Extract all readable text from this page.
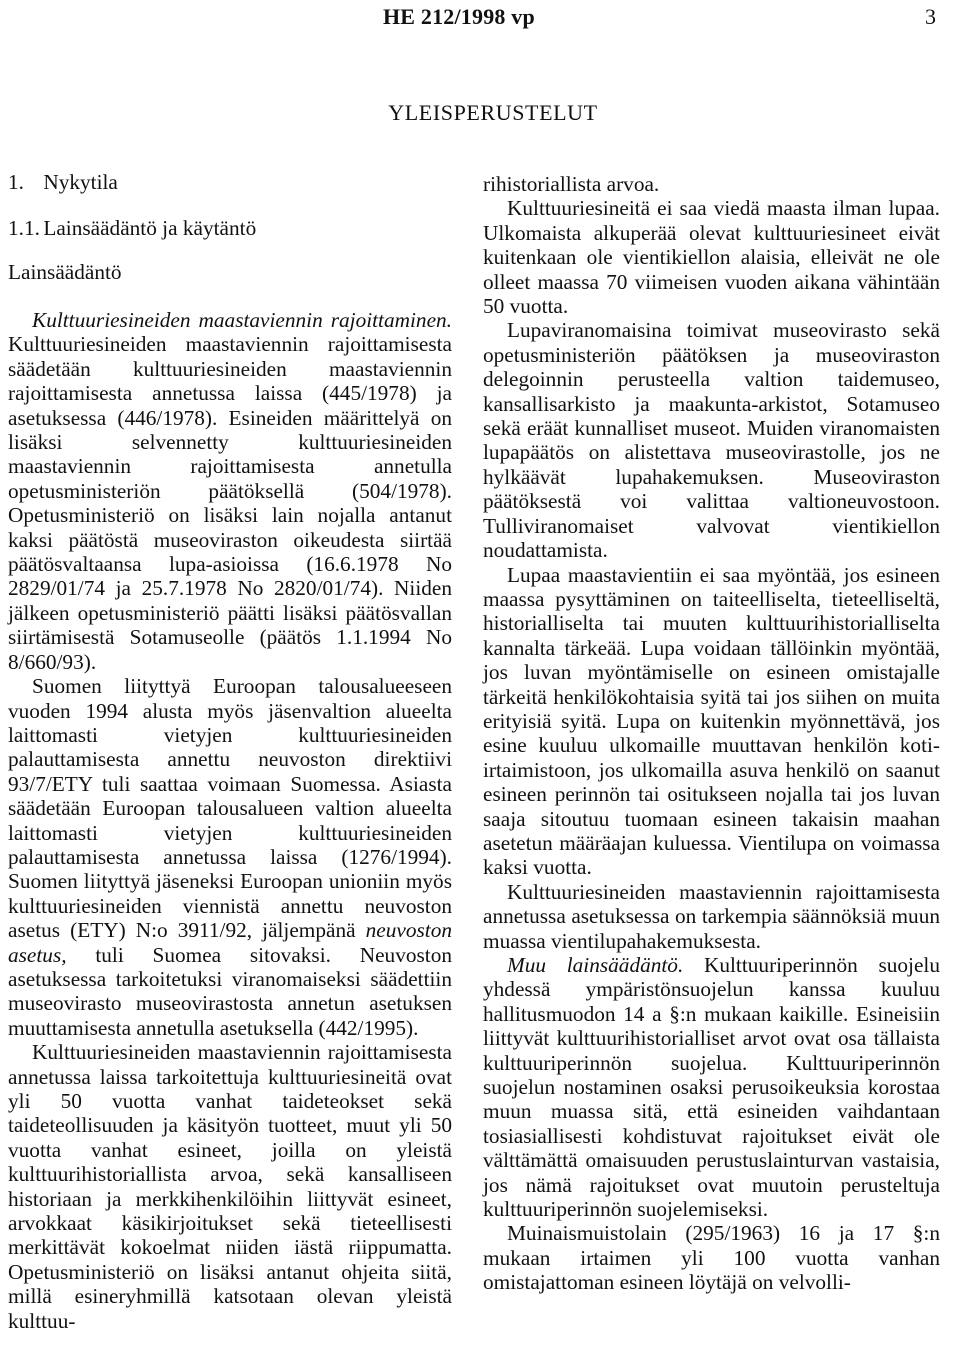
HE 212/1998 vp	3
YLEISPERUSTELUT
1. Nykytila
1.1. Lainsäädäntö ja käytäntö
Lainsäädäntö

Kulttuuriesineiden maastaviennin rajoittaminen. Kulttuuriesineiden maastaviennin rajoittamisesta säädetään kulttuuriesineiden maastaviennin rajoittamisesta annetussa laissa (445/1978) ja asetuksessa (446/1978). Esineiden määrittelyä on lisäksi selvennetty kulttuuriesineiden maastaviennin rajoittamisesta annetulla opetusministeriön päätöksellä (504/1978). Opetusministeriö on lisäksi lain nojalla antanut kaksi päätöstä museoviraston oikeudesta siirtää päätösvaltaansa lupa-asioissa (16.6.1978 No 2829/01/74 ja 25.7.1978 No 2820/01/74). Niiden jälkeen opetusministeriö päätti lisäksi päätösvallan siirtämisestä Sotamuseolle (päätös 1.1.1994 No 8/660/93).

Suomen liityttyä Euroopan talousalueeseen vuoden 1994 alusta myös jäsenvaltion alueelta laittomasti vietyjen kulttuuriesineiden palauttamisesta annettu neuvoston direktiivi 93/7/ETY tuli saattaa voimaan Suomessa. Asiasta säädetään Euroopan talousalueen valtion alueelta laittomasti vietyjen kulttuuriesineiden palauttamisesta annetussa laissa (1276/1994). Suomen liityttyä jäseneksi Euroopan unioniin myös kulttuuriesineiden viennistä annettu neuvoston asetus (ETY) N:o 3911/92, jäljempänä neuvoston asetus, tuli Suomea sitovaksi. Neuvoston asetuksessa tarkoitetuksi viranomaiseksi säädettiin museovirasto museovirastosta annetun asetuksen muuttamisesta annetulla asetuksella (442/1995).

Kulttuuriesineiden maastaviennin rajoittamisesta annetussa laissa tarkoitettuja kulttuuriesineitä ovat yli 50 vuotta vanhat taideteokset sekä taideteollisuuden ja käsityön tuotteet, muut yli 50 vuotta vanhat esineet, joilla on yleistä kulttuurihistoriallista arvoa, sekä kansalliseen historiaan ja merkkihenkilöihin liittyvät esineet, arvokkaat käsikirjoitukset sekä tieteellisesti merkittävät kokoelmat niiden iästä riippumatta. Opetusministeriö on lisäksi antanut ohjeita siitä, millä esineryhmillä katsotaan olevan yleistä kulttuu-

rihistoriallista arvoa.

Kulttuuriesineitä ei saa viedä maasta ilman lupaa. Ulkomaista alkuperää olevat kulttuuriesineet eivät kuitenkaan ole vientikiellon alaisia, elleivät ne ole olleet maassa 70 viimeisen vuoden aikana vähintään 50 vuotta.

Lupaviranomaisina toimivat museovirasto sekä opetusministeriön päätöksen ja museoviraston delegoinnin perusteella valtion taidemuseo, kansallisarkisto ja maakunta-arkistot, Sotamuseo sekä eräät kunnalliset museot. Muiden viranomaisten lupapäätös on alistettava museovirastolle, jos ne hylkäävät lupahakemuksen. Museoviraston päätöksestä voi valittaa valtioneuvostoon. Tulliviranomaiset valvovat vientikiellon noudattamista.

Lupaa maastavientiin ei saa myöntää, jos esineen maassa pysyttäminen on taiteelliselta, tieteelliseltä, historialliselta tai muuten kulttuurihistorialliselta kannalta tärkeää. Lupa voidaan tällöinkin myöntää, jos luvan myöntämiselle on esineen omistajalle tärkeitä henkilökohtaisia syitä tai jos siihen on muita erityisiä syitä. Lupa on kuitenkin myönnettävä, jos esine kuuluu ulkomaille muuttavan henkilön koti-irtaimistoon, jos ulkomailla asuva henkilö on saanut esineen perinnön tai ositukseen nojalla tai jos luvan saaja sitoutuu tuomaan esineen takaisin maahan asetetun määräajan kuluessa. Vientilupa on voimassa kaksi vuotta.

Kulttuuriesineiden maastaviennin rajoittamisesta annetussa asetuksessa on tarkempia säännöksiä muun muassa vientilupahakemuksesta.

Muu lainsäädäntö. Kulttuuriperinnön suojelu yhdessä ympäristönsuojelun kanssa kuuluu hallitusmuodon 14 a §:n mukaan kaikille. Esineisiin liittyvät kulttuurihistorialliset arvot ovat osa tällaista kulttuuriperinnön suojelua. Kulttuuriperinnön suojelun nostaminen osaksi perusoikeuksia korostaa muun muassa sitä, että esineiden vaihdantaan tosiasiallisesti kohdistuvat rajoitukset eivät ole välttämättä omaisuuden perustuslainturvan vastaisia, jos nämä rajoitukset ovat muutoin perusteltuja kulttuuriperinnön suojelemiseksi.

Muinaismuistolain (295/1963) 16 ja 17 §:n mukaan irtaimen yli 100 vuotta vanhan omistajattoman esineen löytäjä on velvolli-
